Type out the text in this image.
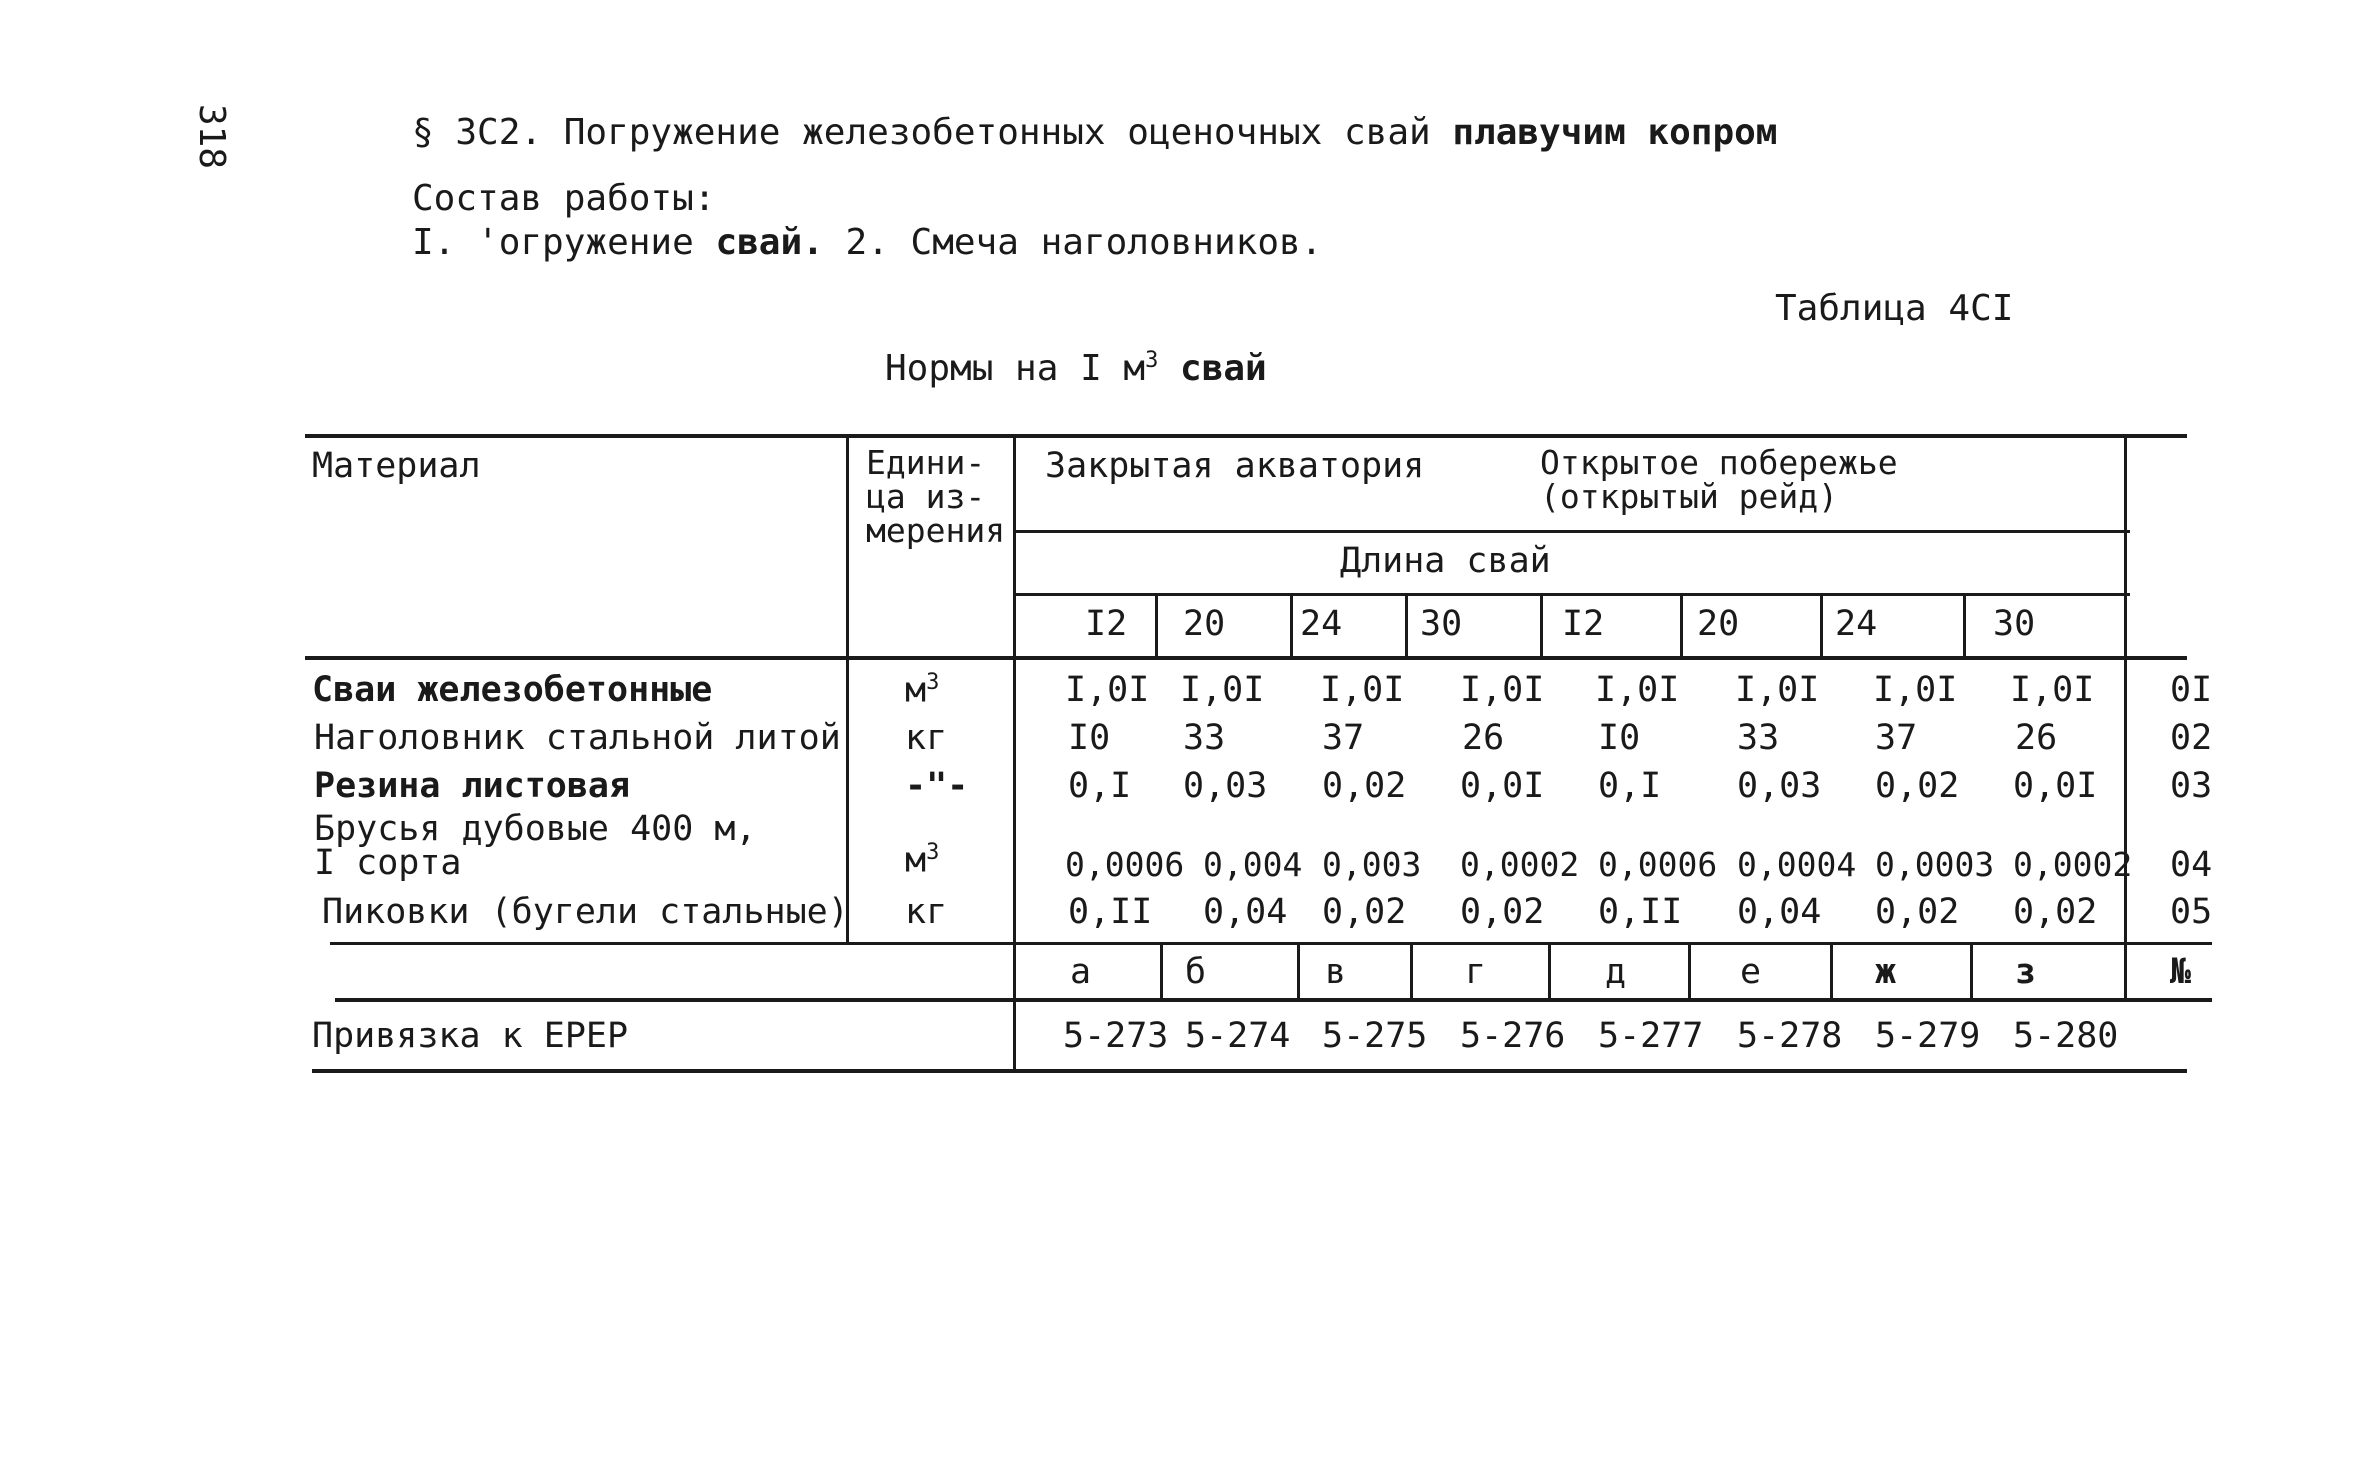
318	§ 3С2. Погружение железобетонных оценочных свай плавучим копром
Состав работы:
I. 'огружение свай. 2. Смеча наголовников.
Таблица 4СI
Нормы на I $м^3$ свай
Материал	Едини-
ца из-
мерения
Закрытая акватория	Открытое побережье
(открытый рейд)
Длина свай
I2 20 24 30	I2	20	24	30
Сваи железобетонные	$м^3$	I,0I I,0I I,0I I,0I I,0I I,0I I,0I I,0I 0I
Наголовник стальной литой кг	I0 33	37	26	I0	33	37	26	02
Резина листовая	-"-	0,I 0,03 0,02 0,0I 0,I 0,03 0,02 0,0I 03
Брусья дубовые 400 м,
I сорта	$м^3$	0,0006 0,004 0,003 0,0002 0,0006 0,0004 0,0003 0,0002 04
Пиковки (бугели стальные) кг	0,II 0,04 0,02 0,02 0,II 0,04 0,02 0,02 05
а	б	в	г	д	е	ж	з	№
Привязка к ЕРЕР	5-273 5-274 5-275 5-276 5-277 5-278 5-279 5-280
